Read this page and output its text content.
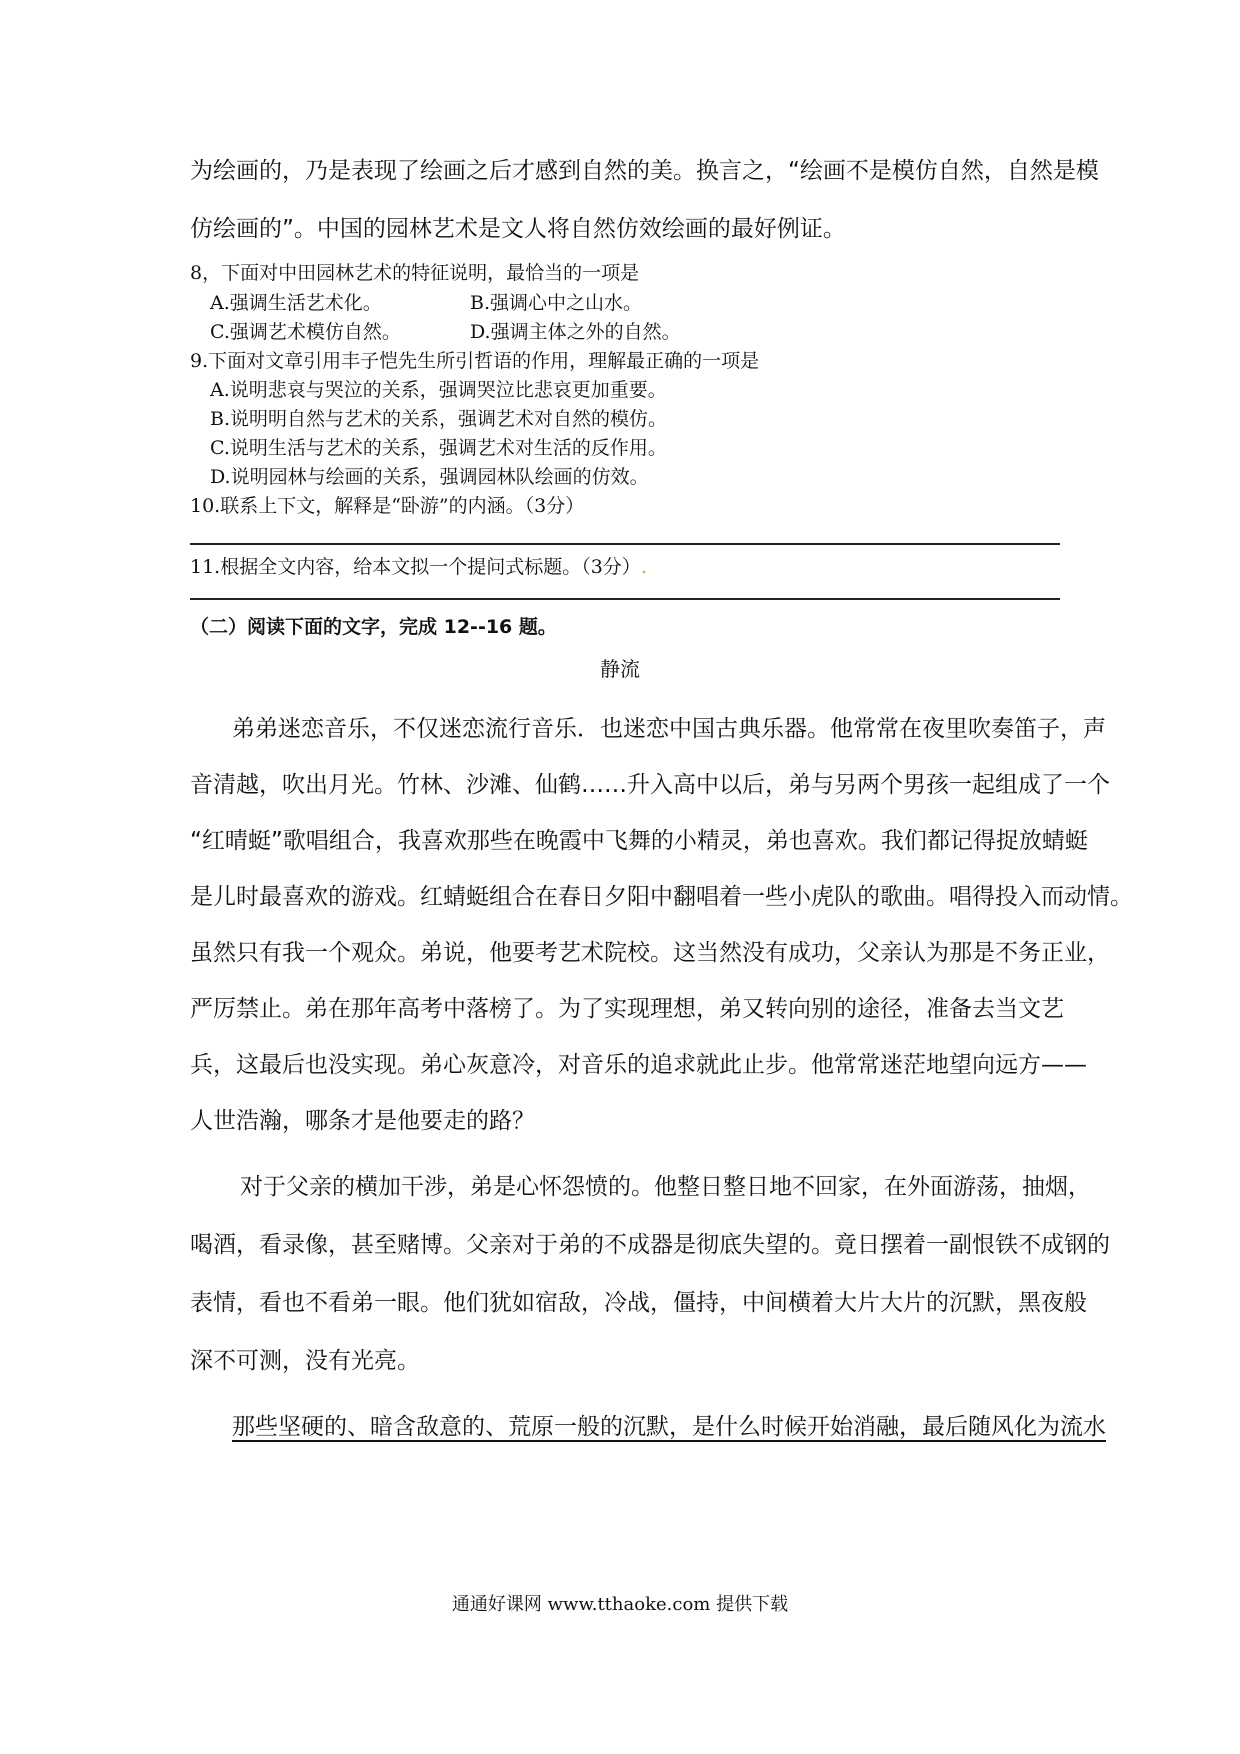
为绘画的，乃是表现了绘画之后才感到自然的美。换言之，“绘画不是模仿自然，自然是模
仿绘画的”。中国的园林艺术是文人将自然仿效绘画的最好例证。
8，下面对中田园林艺术的特征说明，最恰当的一项是
A.强调生活艺术化。	B.强调心中之山水。
C.强调艺术模仿自然。	D.强调主体之外的自然。
9.下面对文章引用丰子恺先生所引哲语的作用，理解最正确的一项是
A.说明悲哀与哭泣的关系，强调哭泣比悲哀更加重要。
B.说明明自然与艺术的关系，强调艺术对自然的模仿。
C.说明生活与艺术的关系，强调艺术对生活的反作用。
D.说明园林与绘画的关系，强调园林队绘画的仿效。
10.联系上下文，解释是“卧游”的内涵。（3分）
11.根据全文内容，给本文拟一个提问式标题。（3分）.
（二）阅读下面的文字，完成 12--16 题。
静流
弟弟迷恋音乐，不仅迷恋流行音乐．也迷恋中国古典乐器。他常常在夜里吹奏笛子，声
音清越，吹出月光。竹林、沙滩、仙鹤……升入高中以后，弟与另两个男孩一起组成了一个
“红晴蜓”歌唱组合，我喜欢那些在晚霞中飞舞的小精灵，弟也喜欢。我们都记得捉放蜻蜓
是儿时最喜欢的游戏。红蜻蜓组合在春日夕阳中翻唱着一些小虎队的歌曲。唱得投入而动情。
虽然只有我一个观众。弟说，他要考艺术院校。这当然没有成功，父亲认为那是不务正业，
严厉禁止。弟在那年高考中落榜了。为了实现理想，弟又转向别的途径，准备去当文艺
兵，这最后也没实现。弟心灰意冷，对音乐的追求就此止步。他常常迷茫地望向远方——
人世浩瀚，哪条才是他要走的路？
对于父亲的横加干涉，弟是心怀怨愤的。他整日整日地不回家，在外面游荡，抽烟，
喝酒，看录像，甚至赌博。父亲对于弟的不成器是彻底失望的。竟日摆着一副恨铁不成钢的
表情，看也不看弟一眼。他们犹如宿敌，冷战，僵持，中间横着大片大片的沉默，黑夜般
深不可测，没有光亮。
那些坚硬的、暗含敌意的、荒原一般的沉默，是什么时候开始消融，最后随风化为流水
通通好课网 www.tthaoke.com 提供下载
